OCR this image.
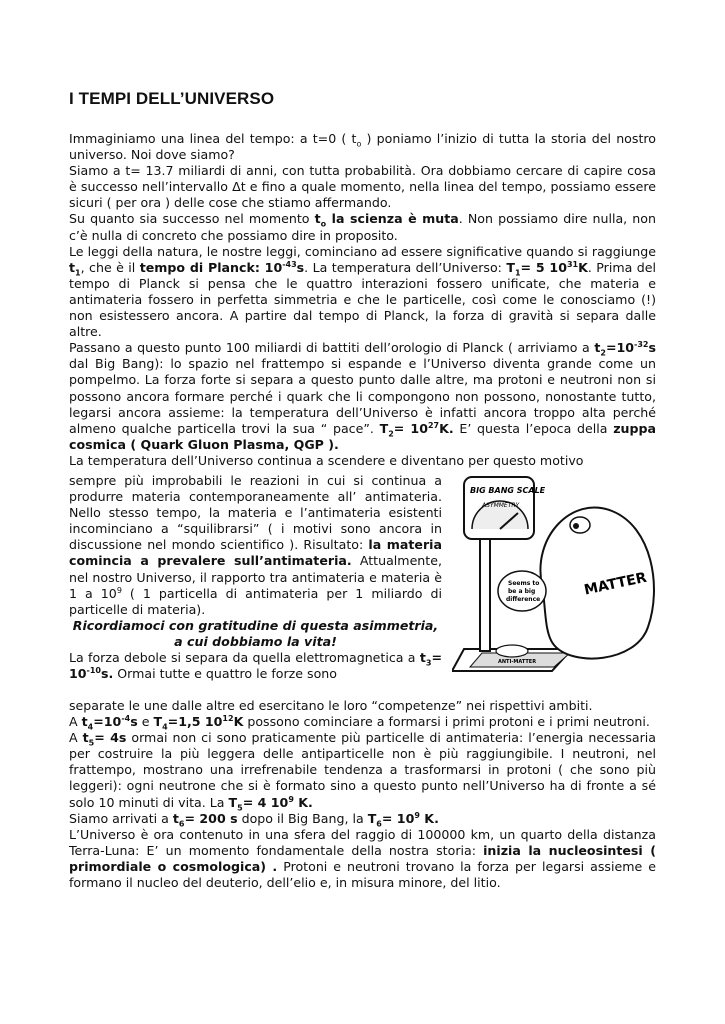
I TEMPI DELL’UNIVERSO

Immaginiamo una linea del tempo: a t=0 ( $t_o$ ) poniamo l’inizio di tutta la storia del nostro universo. Noi dove siamo?

Siamo a t= 13.7 miliardi di anni, con tutta probabilità. Ora dobbiamo cercare di capire cosa è successo nell’intervallo Δt e fino a quale momento, nella linea del tempo, possiamo essere sicuri ( per ora ) delle cose che stiamo affermando.

Su quanto sia successo nel momento $t_o$ la scienza è muta. Non possiamo dire nulla, non c’è nulla di concreto che possiamo dire in proposito.

Le leggi della natura, le nostre leggi, cominciano ad essere significative quando si raggiunge $t_1$, che è il tempo di Planck: $10^{-43}s$. La temperatura dell’Universo: $T_1= 5$ $10^{31}K$. Prima del tempo di Planck si pensa che le quattro interazioni fossero unificate, che materia e antimateria fossero in perfetta simmetria e che le particelle, così come le conosciamo (!) non esistessero ancora. A partire dal tempo di Planck, la forza di gravità si separa dalle altre.

Passano a questo punto 100 miliardi di battiti dell’orologio di Planck ( arriviamo a $t_2=10^{-32}s$ dal Big Bang): lo spazio nel frattempo si espande e l’Universo diventa grande come un pompelmo. La forza forte si separa a questo punto dalle altre, ma protoni e neutroni non si possono ancora formare perché i quark che li compongono non possono, nonostante tutto, legarsi ancora assieme: la temperatura dell’Universo è infatti ancora troppo alta perché almeno qualche particella trovi la sua “ pace”. $T_2= 10^{27}K$. E’ questa l’epoca della zuppa cosmica ( Quark Gluon Plasma, QGP ).

La temperatura dell’Universo continua a scendere e diventano per questo motivo

sempre più improbabili le reazioni in cui si continua a produrre materia contemporaneamente all’ antimateria. Nello stesso tempo, la materia e l’antimateria esistenti incominciano a “squilibrarsi” ( i motivi sono ancora in discussione nel mondo scientifico ). Risultato: la materia comincia a prevalere sull’antimateria. Attualmente, nel nostro Universo, il rapporto tra antimateria e materia è 1 a $10^9$ ( 1 particella di antimateria per 1 miliardo di particelle di materia).

Ricordiamoci con gratitudine di questa asimmetria, a cui dobbiamo la vita!

La forza debole si separa da quella elettromagnetica a $t_3= 10^{-10}s$. Ormai tutte e quattro le forze sono

separate le une dalle altre ed esercitano le loro “competenze” nei rispettivi ambiti.

A $t_4=10^{-4}s$ e $T_4=1,5$ $10^{12}K$ possono cominciare a formarsi i primi protoni e i primi neutroni.

A $t_5= 4s$ ormai non ci sono praticamente più particelle di antimateria: l’energia necessaria per costruire la più leggera delle antiparticelle non è più raggiungibile. I neutroni, nel frattempo, mostrano una irrefrenabile tendenza a trasformarsi in protoni ( che sono più leggeri): ogni neutrone che si è formato sino a questo punto nell’Universo ha di fronte a sé solo 10 minuti di vita. La $T_5= 4$ $10^9$ K.

Siamo arrivati a $t_6= 200$ s dopo il Big Bang, la $T_6= 10^9$ K.

L’Universo è ora contenuto in una sfera del raggio di 100000 km, un quarto della distanza Terra-Luna: E’ un momento fondamentale della nostra storia: inizia la nucleosintesi ( primordiale o cosmologica) . Protoni e neutroni trovano la forza per legarsi assieme e formano il nucleo del deuterio, dell’elio e, in misura minore, del litio.

BIG BANG SCALE
ASYMMETRY
MATTER
Seems to be a big difference
ANTI-MATTER
